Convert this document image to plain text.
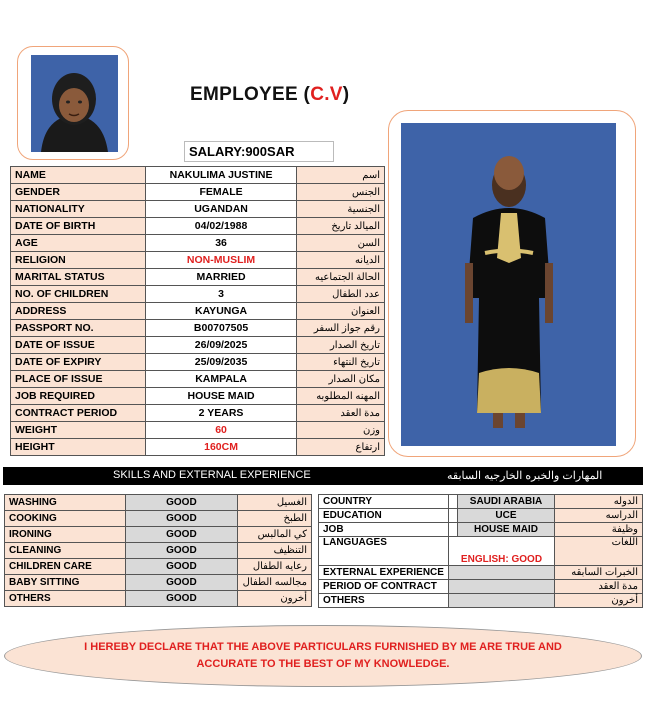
EMPLOYEE (C.V)
SALARY:900SAR
NAME	NAKULIMA JUSTINE	اسم
GENDER	FEMALE	الجنس
NATIONALITY	UGANDAN	الجنسية
DATE OF BIRTH	04/02/1988	الميالد تاريخ
AGE	36	السن
RELIGION	NON-MUSLIM	الديانه
MARITAL STATUS	MARRIED	الحالة الجتماعيه
NO. OF CHILDREN	3	عدد الطفال
ADDRESS	KAYUNGA	العنوان
PASSPORT NO.	B00707505	رقم جواز السفر
DATE OF ISSUE	26/09/2025	تاريخ الصدار
DATE OF EXPIRY	25/09/2035	تاريخ النتهاء
PLACE OF ISSUE	KAMPALA	مكان الصدار
JOB REQUIRED	HOUSE MAID	المهنه المطلوبه
CONTRACT PERIOD	2 YEARS	مدة العقد
WEIGHT	60	وزن
HEIGHT	160CM	ارتفاع
SKILLS AND EXTERNAL EXPERIENCE	المهارات والخبره الخارجيه السابقه
WASHING	GOOD	الغسيل
COOKING	GOOD	الطبخ
IRONING	GOOD	كي المالبس
CLEANING	GOOD	التنظيف
CHILDREN CARE	GOOD	رعايه الطفال
BABY SITTING	GOOD	مجالسه الطفال
OTHERS	GOOD	أخرون
COUNTRY		SAUDI ARABIA	الدوله
EDUCATION		UCE	الدراسه
JOB		HOUSE MAID	وظيفة
LANGUAGES	ENGLISH: GOOD		اللغات
EXTERNAL EXPERIENCE			الخبرات السابقه
PERIOD OF CONTRACT			مدة العقد
OTHERS			أخرون
I HEREBY DECLARE THAT THE ABOVE PARTICULARS FURNISHED BY ME ARE TRUE AND
ACCURATE TO THE BEST OF MY KNOWLEDGE.
